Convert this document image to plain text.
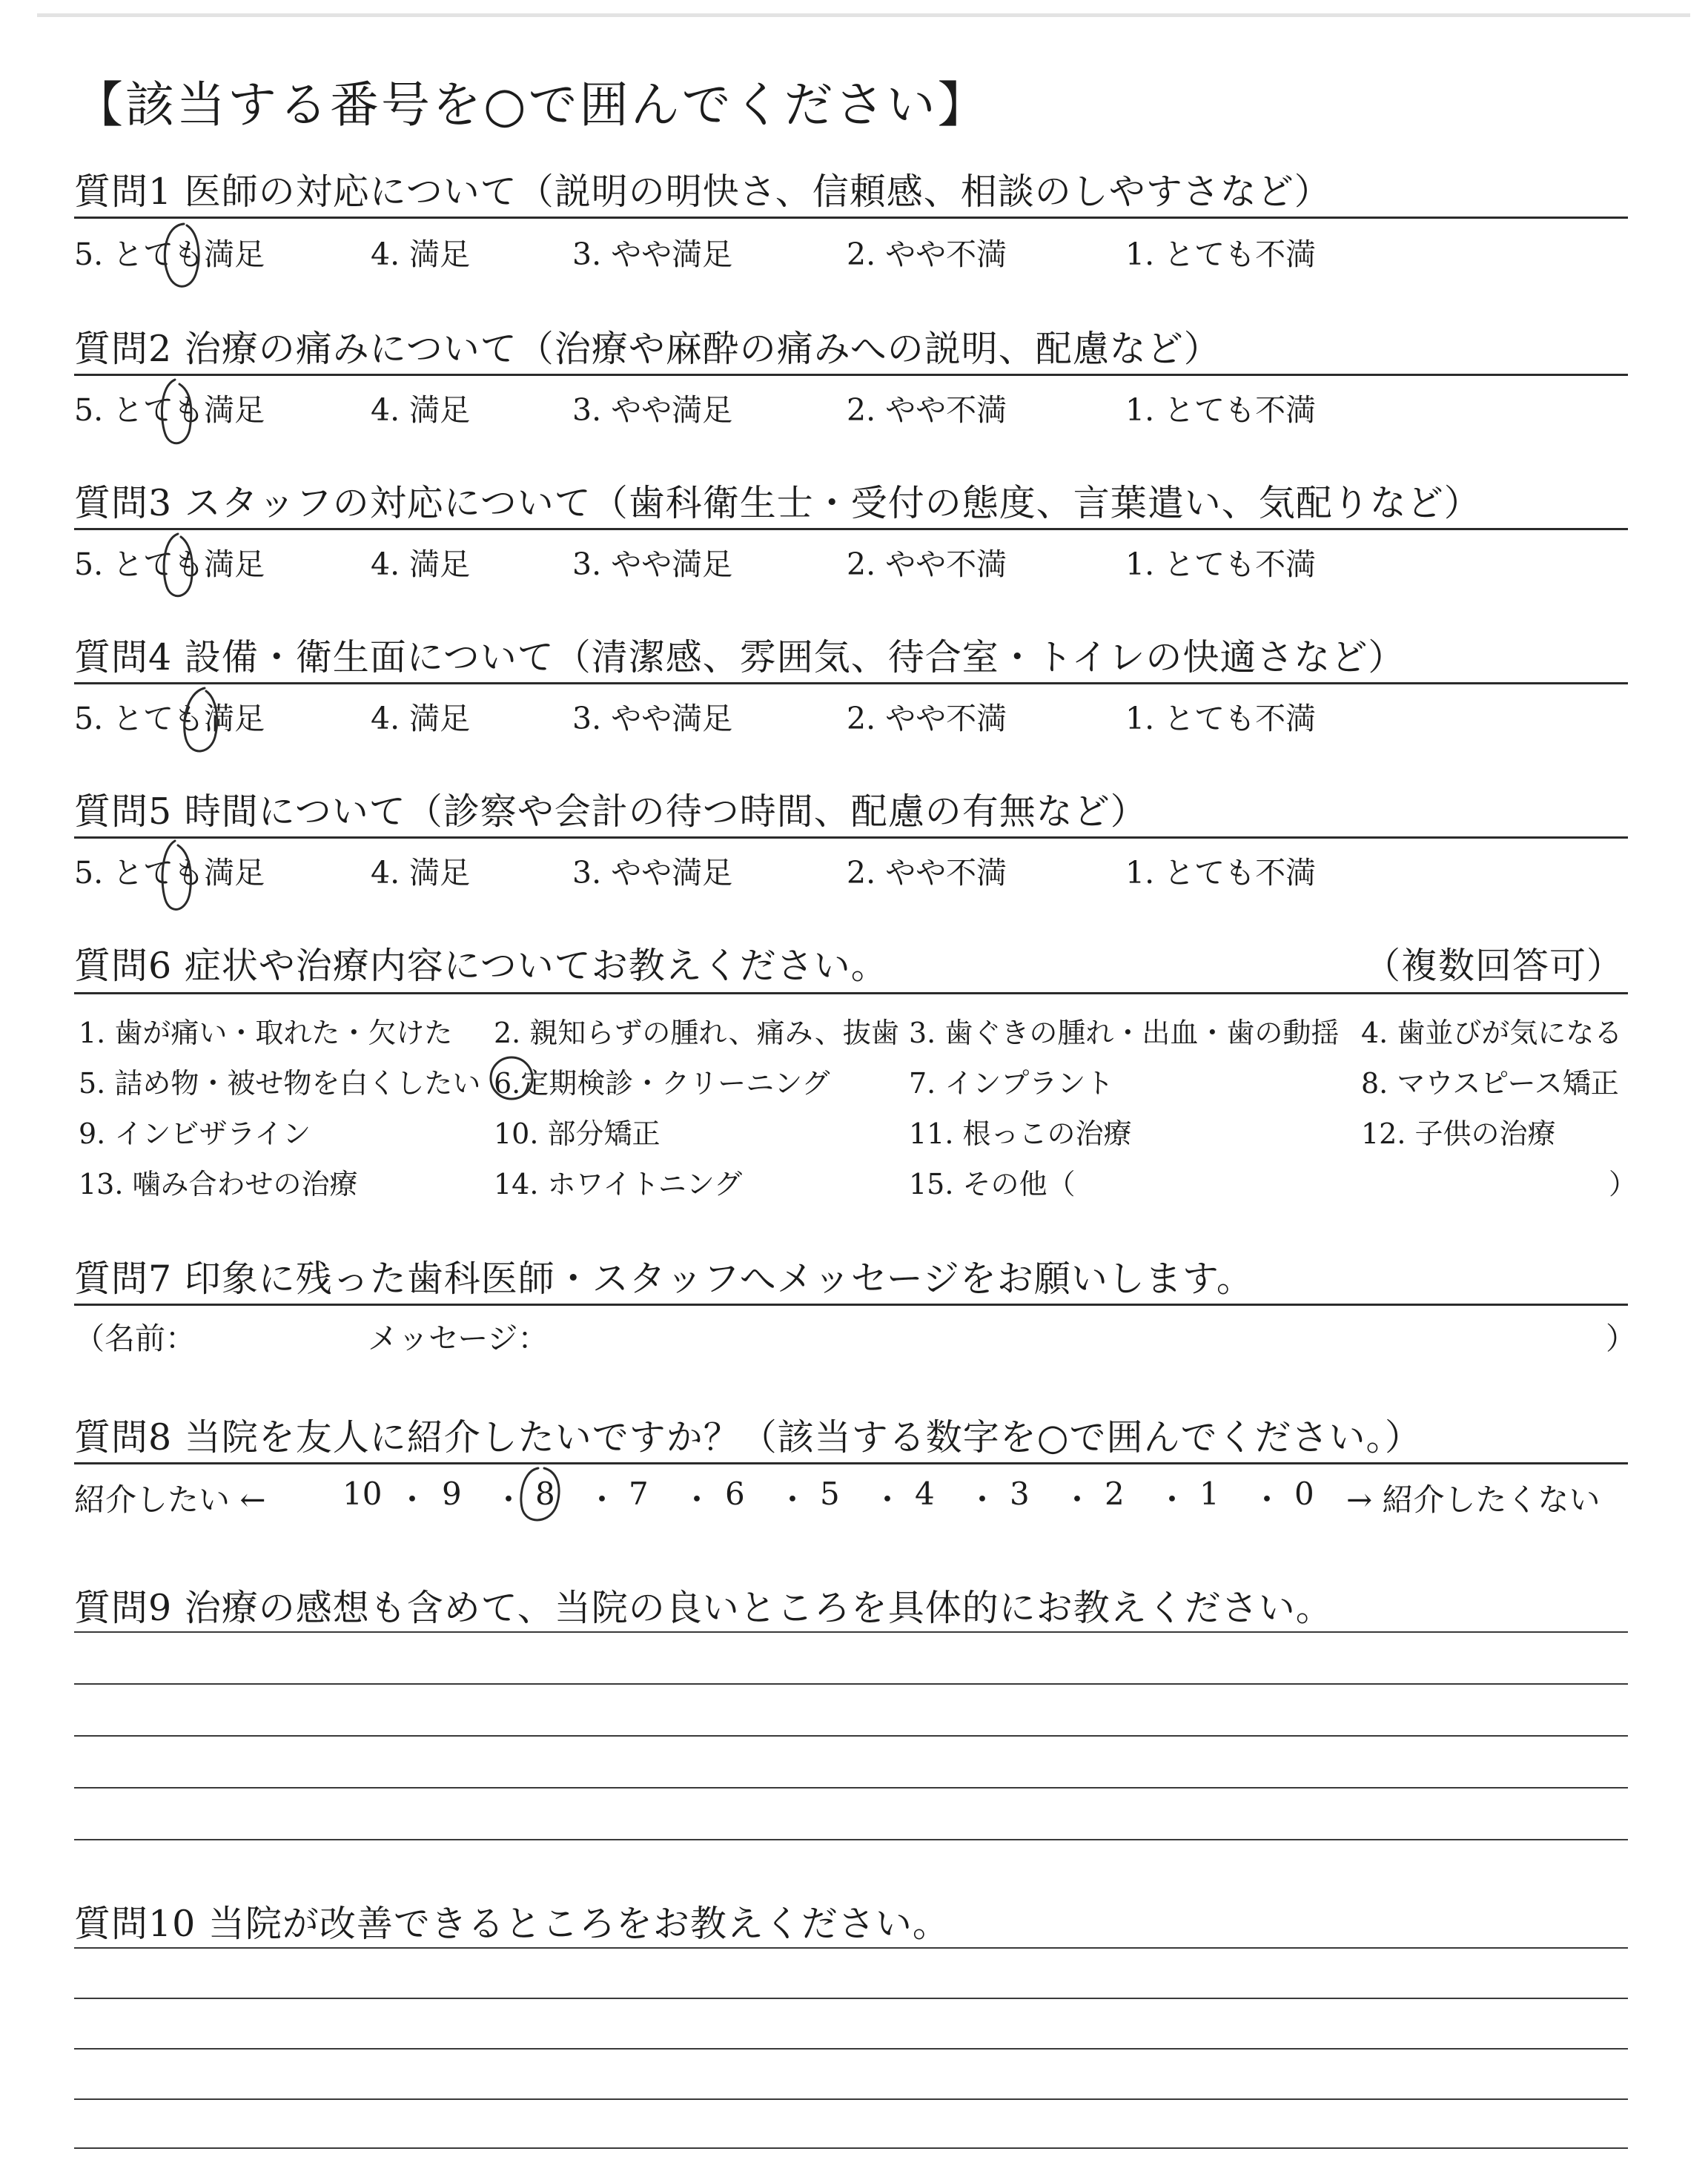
【該当する番号を○で囲んでください】
質問1 医師の対応について（説明の明快さ、信頼感、相談のしやすさなど）
5. とても満足	4. 満足	3. やや満足	2. やや不満	1. とても不満
質問2 治療の痛みについて（治療や麻酔の痛みへの説明、配慮など）
5. とても満足	4. 満足	3. やや満足	2. やや不満	1. とても不満
質問3 スタッフの対応について（歯科衛生士・受付の態度、言葉遣い、気配りなど）
5. とても満足	4. 満足	3. やや満足	2. やや不満	1. とても不満
質問4 設備・衛生面について（清潔感、雰囲気、待合室・トイレの快適さなど）
5. とても満足	4. 満足	3. やや満足	2. やや不満	1. とても不満
質問5 時間について（診察や会計の待つ時間、配慮の有無など）
5. とても満足	4. 満足	3. やや満足	2. やや不満	1. とても不満
質問6 症状や治療内容についてお教えください。	（複数回答可）
1. 歯が痛い・取れた・欠けた 2. 親知らずの腫れ、痛み、抜歯 3. 歯ぐきの腫れ・出血・歯の動揺 4. 歯並びが気になる
5. 詰め物・被せ物を白くしたい 6.定期検診・クリーニング	7. インプラント	8. マウスピース矯正
9. インビザライン	10. 部分矯正	11. 根っこの治療	12. 子供の治療
13. 噛み合わせの治療	14. ホワイトニング	15. その他（	）
質問7 印象に残った歯科医師・スタッフへメッセージをお願いします。
（名前：	メッセージ：	）
質問8 当院を友人に紹介したいですか？（該当する数字を○で囲んでください。）
紹介したい ← 10 ・ 9 ・ 8 ・ 7 ・ 6 ・ 5 ・ 4 ・ 3 ・ 2 ・ 1 ・ 0 → 紹介したくない
質問9 治療の感想も含めて、当院の良いところを具体的にお教えください。
質問10 当院が改善できるところをお教えください。
